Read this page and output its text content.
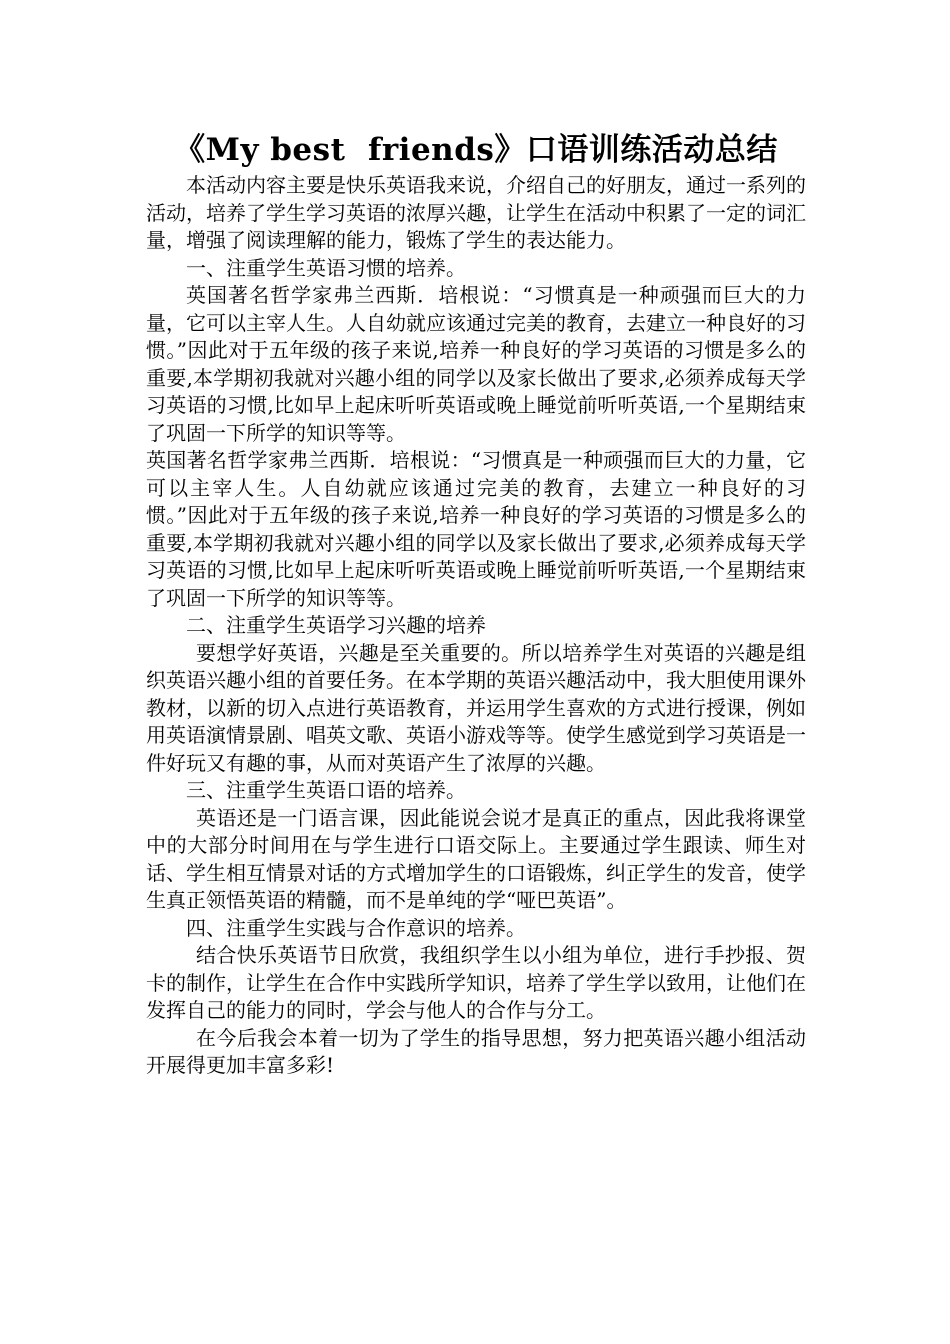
《My best  friends》口语训练活动总结

本活动内容主要是快乐英语我来说，介绍自己的好朋友，通过一系列的活动，培养了学生学习英语的浓厚兴趣，让学生在活动中积累了一定的词汇量，增强了阅读理解的能力，锻炼了学生的表达能力。

一、注重学生英语习惯的培养。

英国著名哲学家弗兰西斯．培根说：“习惯真是一种顽强而巨大的力量，它可以主宰人生。人自幼就应该通过完美的教育，去建立一种良好的习惯。”因此对于五年级的孩子来说,培养一种良好的学习英语的习惯是多么的重要,本学期初我就对兴趣小组的同学以及家长做出了要求,必须养成每天学习英语的习惯,比如早上起床听听英语或晚上睡觉前听听英语,一个星期结束了巩固一下所学的知识等等。

英国著名哲学家弗兰西斯．培根说：“习惯真是一种顽强而巨大的力量，它可以主宰人生。人自幼就应该通过完美的教育，去建立一种良好的习惯。”因此对于五年级的孩子来说,培养一种良好的学习英语的习惯是多么的重要,本学期初我就对兴趣小组的同学以及家长做出了要求,必须养成每天学习英语的习惯,比如早上起床听听英语或晚上睡觉前听听英语,一个星期结束了巩固一下所学的知识等等。

二、注重学生英语学习兴趣的培养

要想学好英语，兴趣是至关重要的。所以培养学生对英语的兴趣是组织英语兴趣小组的首要任务。在本学期的英语兴趣活动中，我大胆使用课外教材，以新的切入点进行英语教育，并运用学生喜欢的方式进行授课，例如用英语演情景剧、唱英文歌、英语小游戏等等。使学生感觉到学习英语是一件好玩又有趣的事，从而对英语产生了浓厚的兴趣。

三、注重学生英语口语的培养。

英语还是一门语言课，因此能说会说才是真正的重点，因此我将课堂中的大部分时间用在与学生进行口语交际上。主要通过学生跟读、师生对话、学生相互情景对话的方式增加学生的口语锻炼，纠正学生的发音，使学生真正领悟英语的精髓，而不是单纯的学“哑巴英语”。

四、注重学生实践与合作意识的培养。

结合快乐英语节日欣赏，我组织学生以小组为单位，进行手抄报、贺卡的制作，让学生在合作中实践所学知识，培养了学生学以致用，让他们在发挥自己的能力的同时，学会与他人的合作与分工。

在今后我会本着一切为了学生的指导思想，努力把英语兴趣小组活动开展得更加丰富多彩!
